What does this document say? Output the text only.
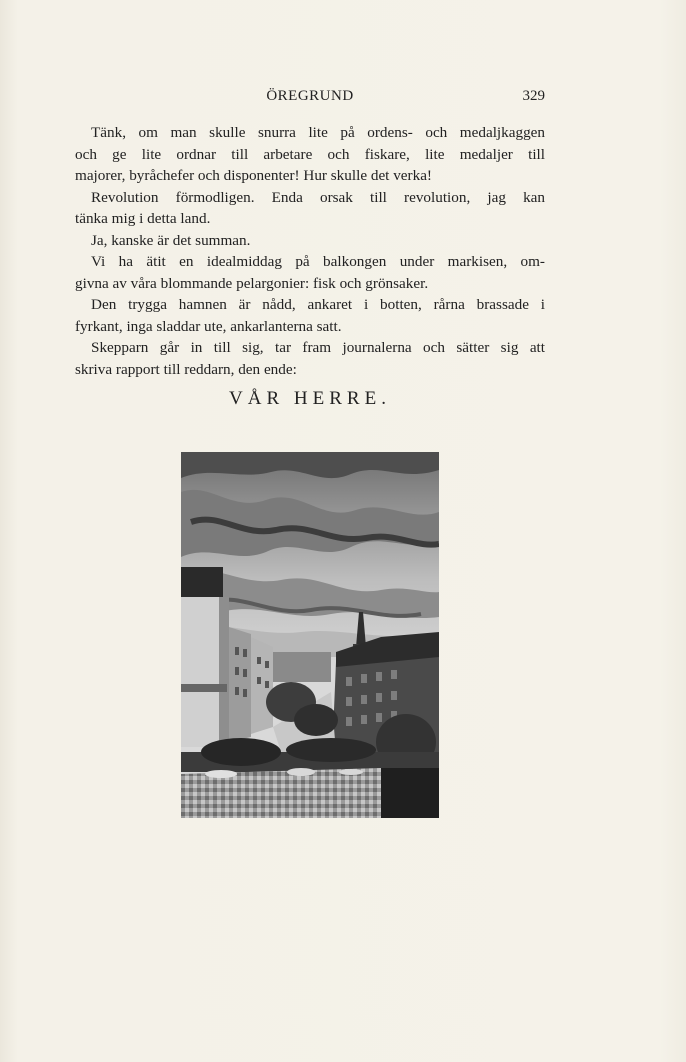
ÖREGRUND	329
Tänk, om man skulle snurra lite på ordens- och medaljkaggen
och ge lite ordnar till arbetare och fiskare, lite medaljer till
majorer, byråchefer och disponenter! Hur skulle det verka!
Revolution förmodligen. Enda orsak till revolution, jag kan
tänka mig i detta land.
Ja, kanske är det summan.
Vi ha ätit en idealmiddag på balkongen under markisen, om-
givna av våra blommande pelargonier: fisk och grönsaker.
Den trygga hamnen är nådd, ankaret i botten, rårna brassade i
fyrkant, inga sladdar ute, ankarlanterna satt.
Skepparn går in till sig, tar fram journalerna och sätter sig att
skriva rapport till reddarn, den ende:
VÅR HERRE.
